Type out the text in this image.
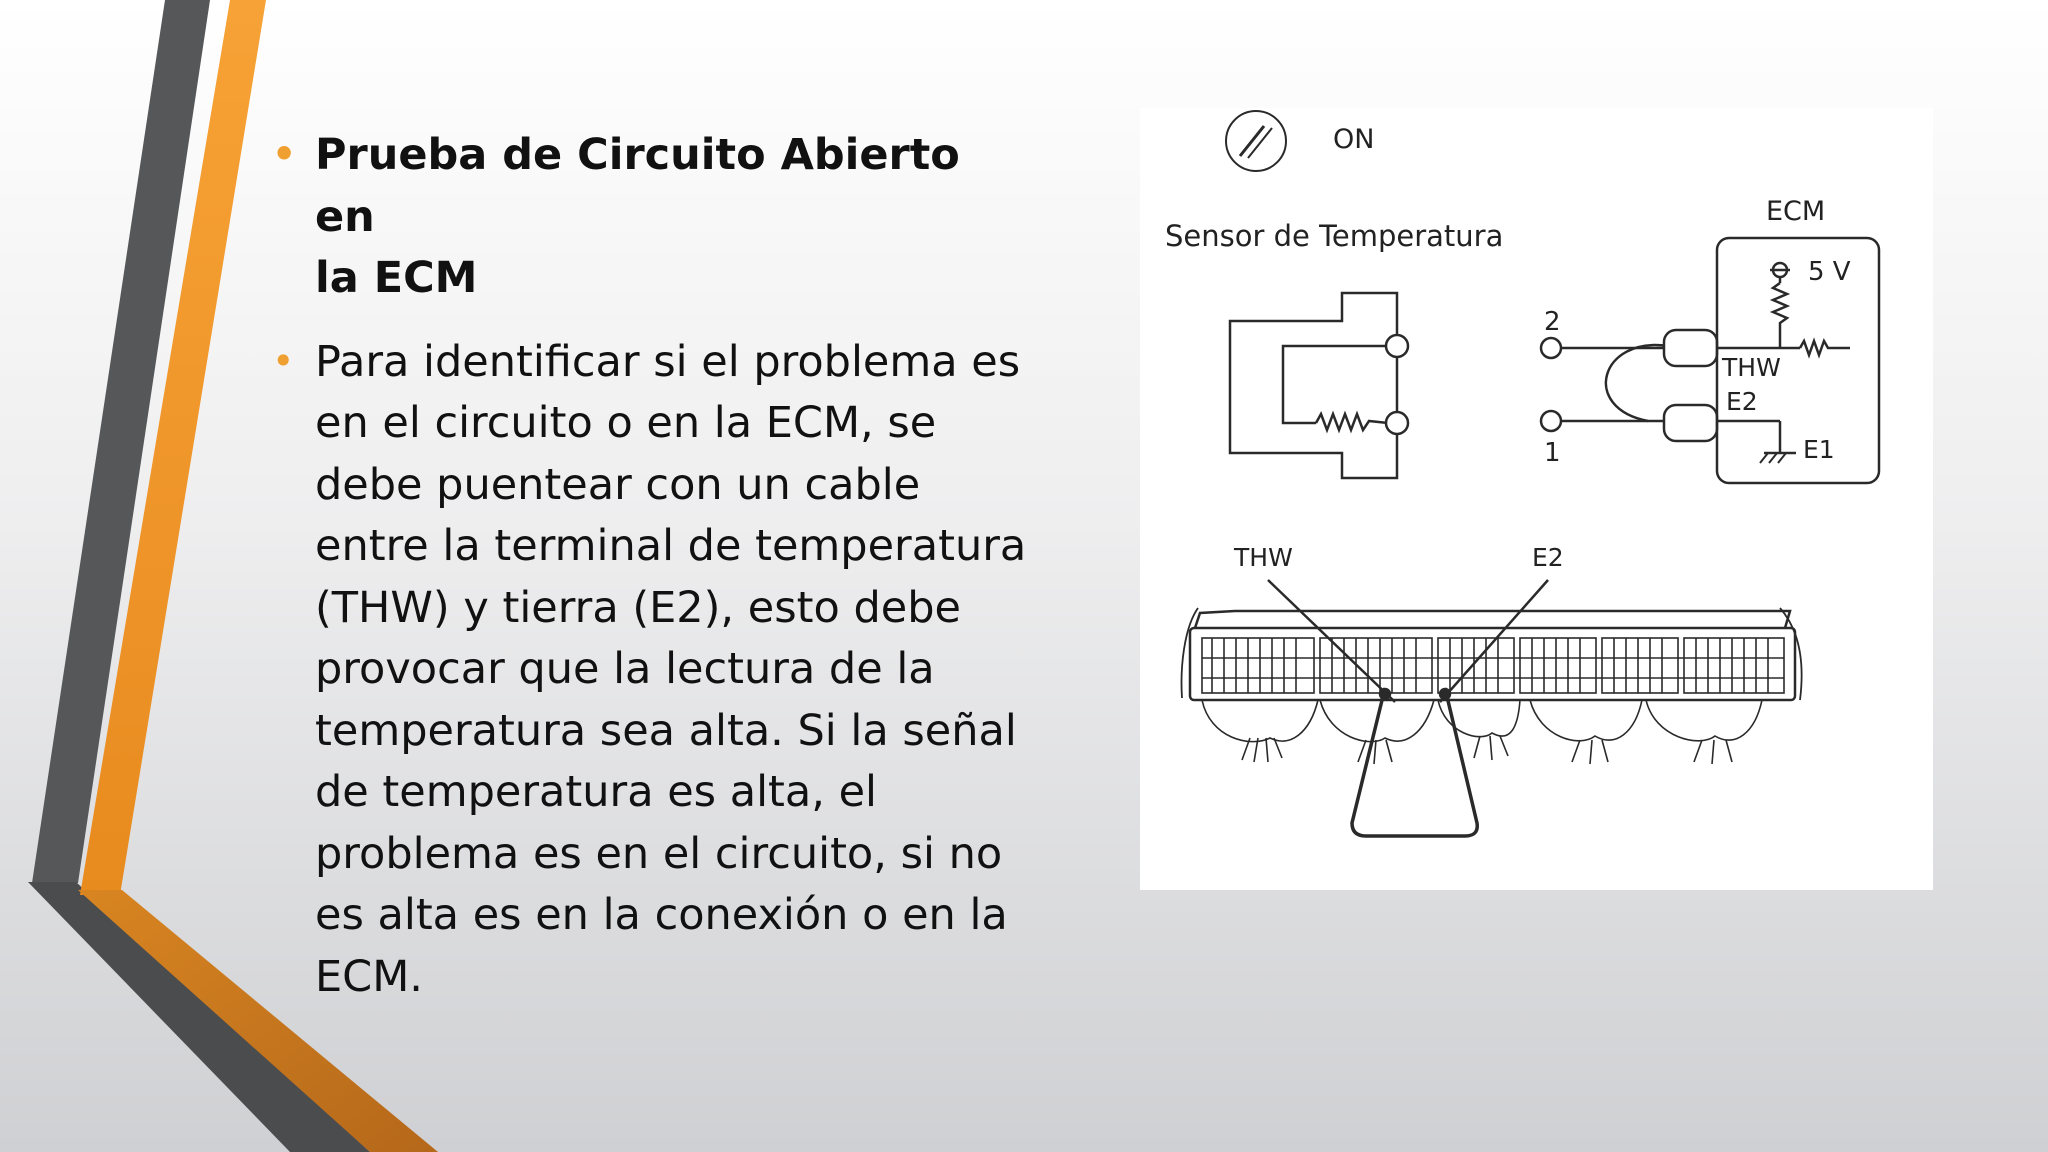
• Prueba de Circuito Abierto en
la ECM
• Para identificar si el problema es
en el circuito o en la ECM, se
debe puentear con un cable
entre la terminal de temperatura
(THW) y tierra (E2), esto debe
provocar que la lectura de la
temperatura sea alta. Si la señal
de temperatura es alta, el
problema es en el circuito, si no
es alta es en la conexión o en la
ECM.
ON
Sensor de Temperatura
2
1
ECM
5 V
THW
E2
E1
THW	E2
